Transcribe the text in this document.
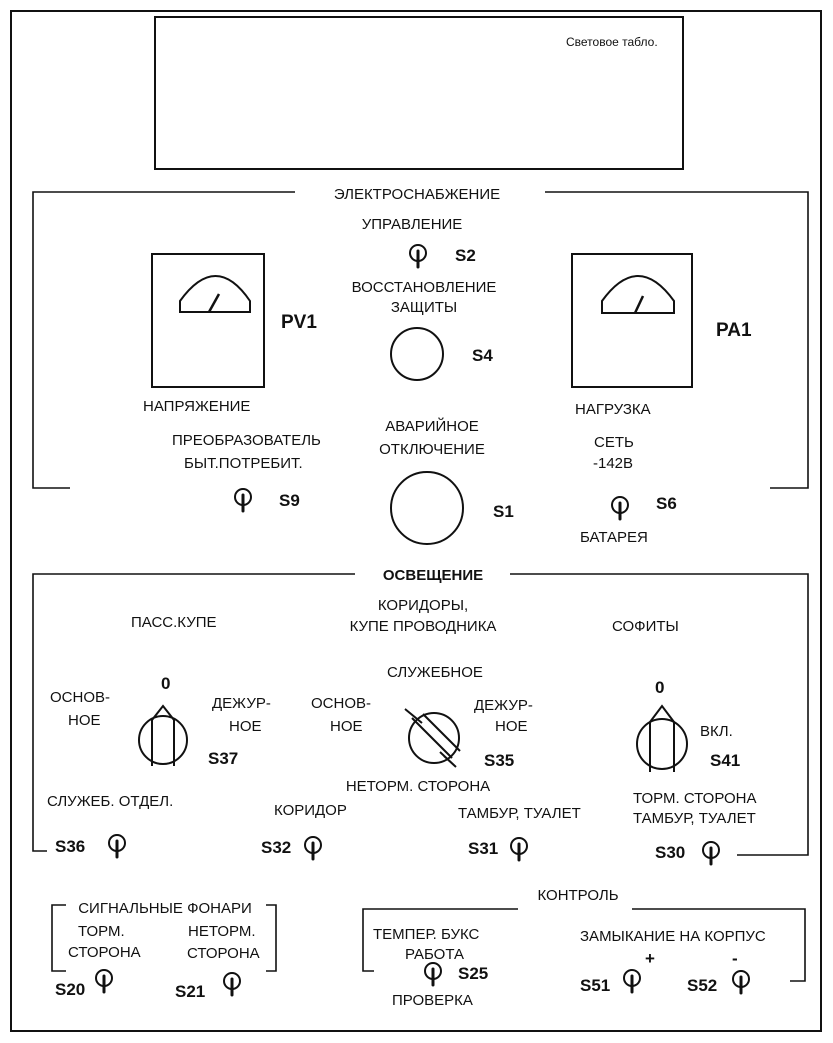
Световое табло.
ЭЛЕКТРОСНАБЖЕНИЕ
УПРАВЛЕНИЕ
S2
ВОССТАНОВЛЕНИЕ
ЗАЩИТЫ
S4
PV1
НАПРЯЖЕНИЕ
PA1
НАГРУЗКА
АВАРИЙНОЕ
ОТКЛЮЧЕНИЕ
S1
ПРЕОБРАЗОВАТЕЛЬ
БЫТ.ПОТРЕБИТ.
S9
СЕТЬ
-142В
S6
БАТАРЕЯ
ОСВЕЩЕНИЕ
ПАСС.КУПЕ
КОРИДОРЫ,
КУПЕ ПРОВОДНИКА	СОФИТЫ
СЛУЖЕБНОЕ
0
ОСНОВ-
НОЕ
ДЕЖУР-
НОЕ
S37
ОСНОВ-
НОЕ
ДЕЖУР-
НОЕ
S35
0
ВКЛ.
S41
НЕТОРМ. СТОРОНА
ТОРМ. СТОРОНА
СЛУЖЕБ. ОТДЕЛ.
КОРИДОР	ТАМБУР, ТУАЛЕТ	ТАМБУР, ТУАЛЕТ
S36	S32	S31	S30
СИГНАЛЬНЫЕ ФОНАРИ
ТОРМ.
СТОРОНА
НЕТОРМ.
СТОРОНА
S20	S21
КОНТРОЛЬ
ТЕМПЕР. БУКС
РАБОТА
S25
ПРОВЕРКА
ЗАМЫКАНИЕ НА КОРПУС
+	-
S51	S52
